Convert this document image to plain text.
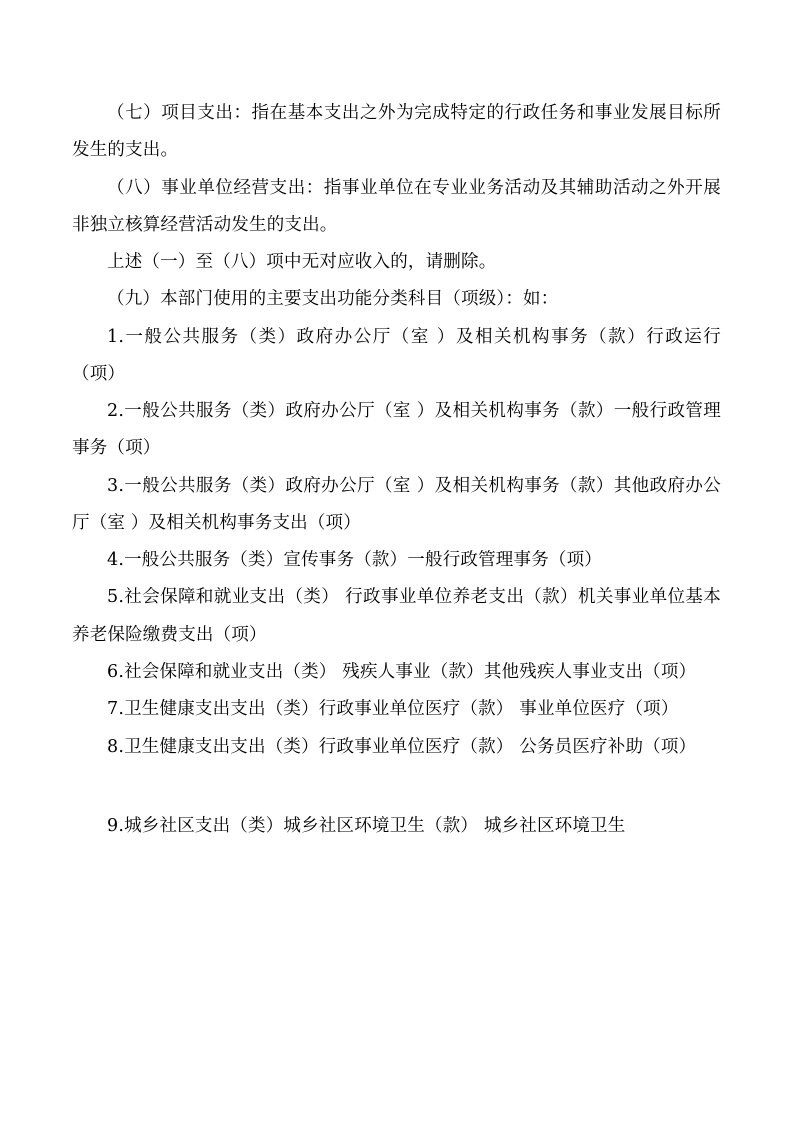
（七）项目支出：指在基本支出之外为完成特定的行政任务和事业发展目标所发生的支出。

（八）事业单位经营支出：指事业单位在专业业务活动及其辅助活动之外开展非独立核算经营活动发生的支出。

上述（一）至（八）项中无对应收入的，请删除。

（九）本部门使用的主要支出功能分类科目（项级）：如：

1.一般公共服务（类）政府办公厅（室 ）及相关机构事务（款）行政运行（项）

2.一般公共服务（类）政府办公厅（室 ）及相关机构事务（款）一般行政管理事务（项）

3.一般公共服务（类）政府办公厅（室 ）及相关机构事务（款）其他政府办公厅（室 ）及相关机构事务支出（项）

4.一般公共服务（类）宣传事务（款）一般行政管理事务（项）

5.社会保障和就业支出（类） 行政事业单位养老支出（款）机关事业单位基本养老保险缴费支出（项）

6.社会保障和就业支出（类） 残疾人事业（款）其他残疾人事业支出（项）

7.卫生健康支出支出（类）行政事业单位医疗（款） 事业单位医疗（项）

8.卫生健康支出支出（类）行政事业单位医疗（款） 公务员医疗补助（项）

9.城乡社区支出（类）城乡社区环境卫生（款） 城乡社区环境卫生
